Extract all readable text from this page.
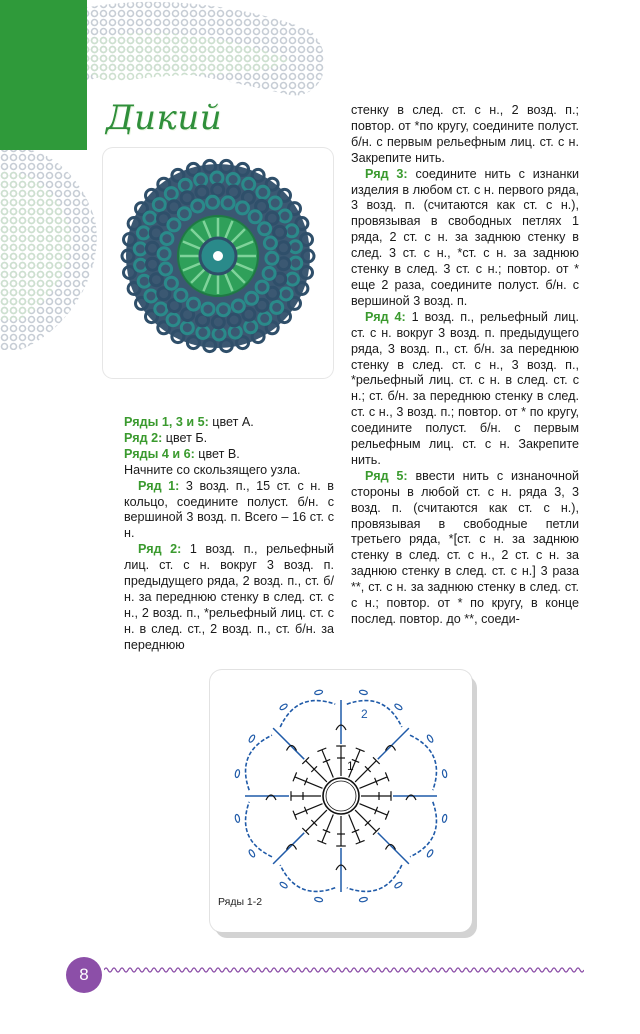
Дикий	стенку в след. ст. с н., 2 возд. п.; повтор. от *по кругу, соедините полуст. б/н. с первым рельефным лиц. ст. с н. Закрепите нить.

Ряд 3: соедините нить с изнанки изделия в любом ст. с н. первого ряда, 3 возд. п. (считаются как ст. с н.), провязывая в свободных петлях 1 ряда, 2 ст. с н. за заднюю стенку в след. 3 ст. с н., *ст. с н. за заднюю стенку в след. 3 ст. с н.; повтор. от * еще 2 раза, соедините полуст. б/н. с вершиной 3 возд. п.

Ряд 4: 1 возд. п., рельефный лиц. ст. с н. вокруг 3 возд. п. предыдущего ряда, 3 возд. п., ст. б/н. за переднюю стенку в след. ст. с н., 3 возд. п., *рельефный лиц. ст. с н. в след. ст. с н.; ст. б/н. за переднюю стенку в след. ст. с н., 3 возд. п.; повтор. от * по кругу, соедините полуст. б/н. с первым рельефным лиц. ст. с н. Закрепите нить.

Ряд 5: ввести нить с изнаночной стороны в любой ст. с н. ряда 3, 3 возд. п. (считаются как ст. с н.), провязывая в свободные петли третьего ряда, *[ст. с н. за заднюю стенку в след. ст. с н., 2 ст. с н. за заднюю стенку в след. ст. с н.] 3 раза **, ст. с н. за заднюю стенку в след. ст. с н.; повтор. от * по кругу, в конце послед. повтор. до **, соеди-

Ряды 1, 3 и 5: цвет А.

Ряд 2: цвет Б.

Ряды 4 и 6: цвет В.

Начните со скользящего узла.

Ряд 1: 3 возд. п., 15 ст. с н. в кольцо, соедините полуст. б/н. с вершиной 3 возд. п. Всего – 16 ст. с н.

Ряд 2: 1 возд. п., рельефный лиц. ст. с н. вокруг 3 возд. п. предыдущего ряда, 2 возд. п., ст. б/н. за переднюю стенку в след. ст. с н., 2 возд. п., *рельефный лиц. ст. с н. в след. ст., 2 возд. п., ст. б/н. за переднюю

1
2
Ряды 1-2
8
